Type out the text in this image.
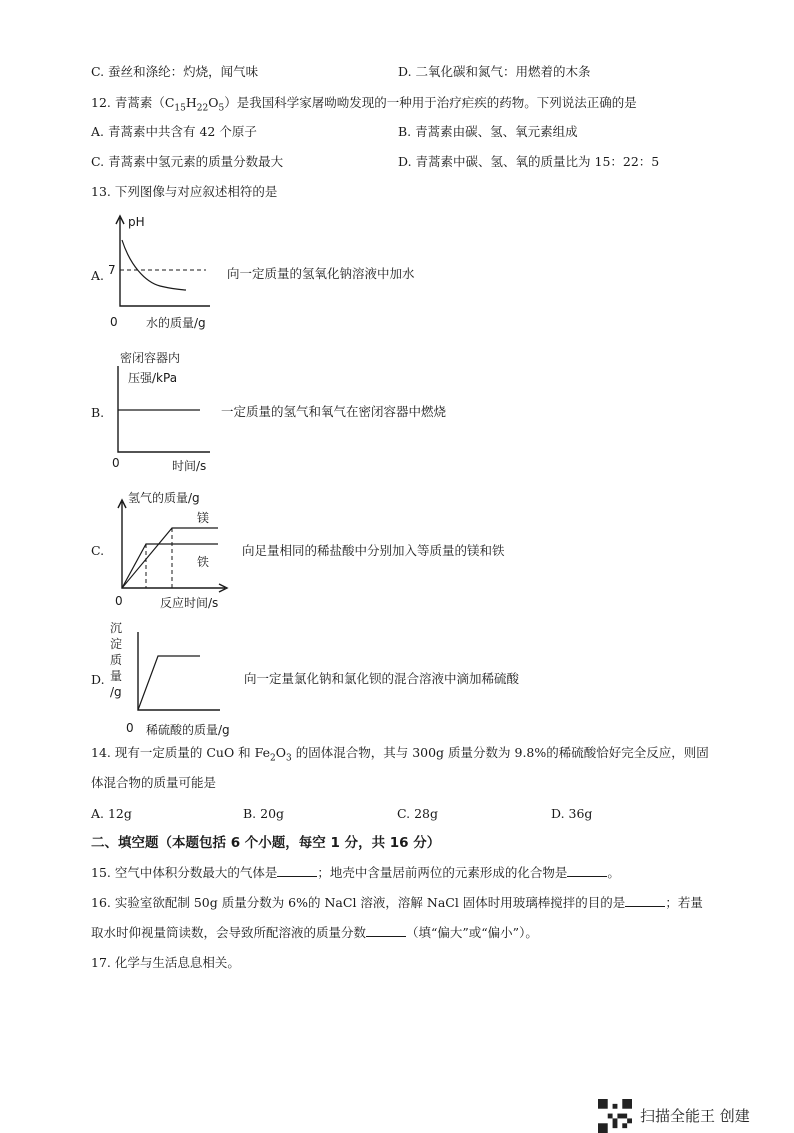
C. 蚕丝和涤纶：灼烧，闻气味	D. 二氧化碳和氮气：用燃着的木条
12. 青蒿素$(C_{15}H_{22}O_5)$是我国科学家屠呦呦发现的一种用于治疗疟疾的药物。下列说法正确的是
A. 青蒿素中共含有 42 个原子	B. 青蒿素由碳、氢、氧元素组成
C. 青蒿素中氢元素的质量分数最大	D. 青蒿素中碳、氢、氧的质量比为 15：22：5
13. 下列图像与对应叙述相符的是
A.
pH
7
0 水的质量/g
向一定质量的氢氧化钠溶液中加水
B.
密闭容器内
压强/kPa
0	时间/s
一定质量的氢气和氧气在密闭容器中燃烧
C.
氢气的质量/g
镁
铁
0	反应时间/s
向足量相同的稀盐酸中分别加入等质量的镁和铁
D.
沉
淀
质
量
/g
0 稀硫酸的质量/g
向一定量氯化钠和氯化钡的混合溶液中滴加稀硫酸
14. 现有一定质量的 CuO 和 $Fe_2O_3$ 的固体混合物，其与 300g 质量分数为 9.8%的稀硫酸恰好完全反应，则固
体混合物的质量可能是
A. 12g	B. 20g	C. 28g	D. 36g
二、填空题（本题包括 6 个小题，每空 1 分，共 16 分）
15. 空气中体积分数最大的气体是	；地壳中含量居前两位的元素形成的化合物是	。
16. 实验室欲配制 50g 质量分数为 6%的 NaCl 溶液，溶解 NaCl 固体时用玻璃棒搅拌的目的是	；若量
取水时仰视量筒读数，会导致所配溶液的质量分数	（填“偏大”或“偏小”）。
17. 化学与生活息息相关。
扫描全能王 创建
